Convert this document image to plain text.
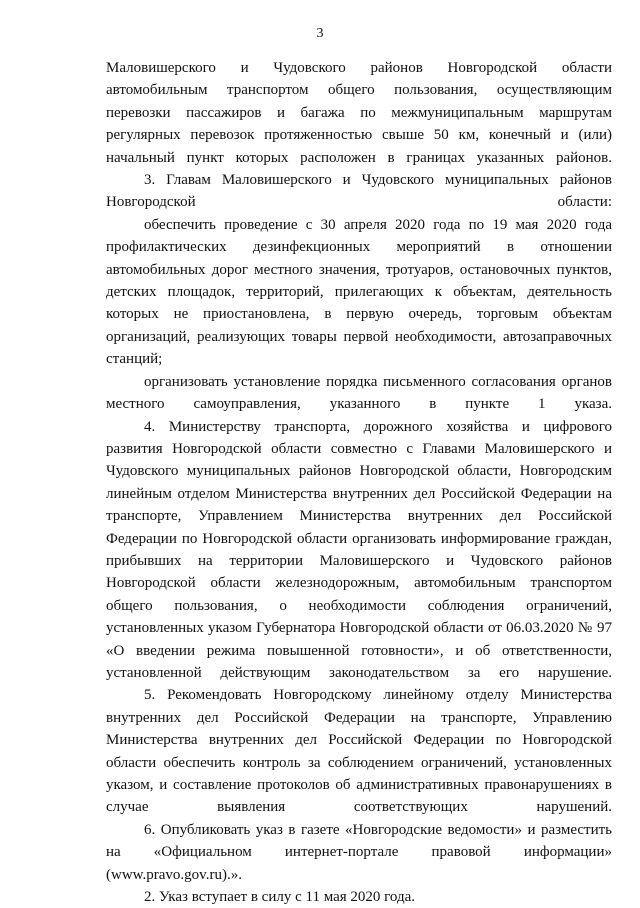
3

Маловишерского и Чудовского районов Новгородской области автомобильным транспортом общего пользования, осуществляющим перевозки пассажиров и багажа по межмуниципальным маршрутам регулярных перевозок протяженностью свыше 50 км, конечный и (или) начальный пункт которых расположен в границах указанных районов.

3. Главам Маловишерского и Чудовского муниципальных районов Новгородской области:

обеспечить проведение с 30 апреля 2020 года по 19 мая 2020 года профилактических дезинфекционных мероприятий в отношении автомобильных дорог местного значения, тротуаров, остановочных пунктов, детских площадок, территорий, прилегающих к объектам, деятельность которых не приостановлена, в первую очередь, торговым объектам организаций, реализующих товары первой необходимости, автозаправочных станций;

организовать установление порядка письменного согласования органов местного самоуправления, указанного в пункте 1 указа.

4. Министерству транспорта, дорожного хозяйства и цифрового развития Новгородской области совместно с Главами Маловишерского и Чудовского муниципальных районов Новгородской области, Новгородским линейным отделом Министерства внутренних дел Российской Федерации на транспорте, Управлением Министерства внутренних дел Российской Федерации по Новгородской области организовать информирование граждан, прибывших на территории Маловишерского и Чудовского районов Новгородской области железнодорожным, автомобильным транспортом общего пользования, о необходимости соблюдения ограничений, установленных указом Губернатора Новгородской области от 06.03.2020 № 97 «О введении режима повышенной готовности», и об ответственности, установленной действующим законодательством за его нарушение.

5. Рекомендовать Новгородскому линейному отделу Министерства внутренних дел Российской Федерации на транспорте, Управлению Министерства внутренних дел Российской Федерации по Новгородской области обеспечить контроль за соблюдением ограничений, установленных указом, и составление протоколов об административных правонарушениях в случае выявления соответствующих нарушений.

6. Опубликовать указ в газете «Новгородские ведомости» и разместить на «Официальном интернет-портале правовой информации» (www.pravo.gov.ru).».

2. Указ вступает в силу с 11 мая 2020 года.
